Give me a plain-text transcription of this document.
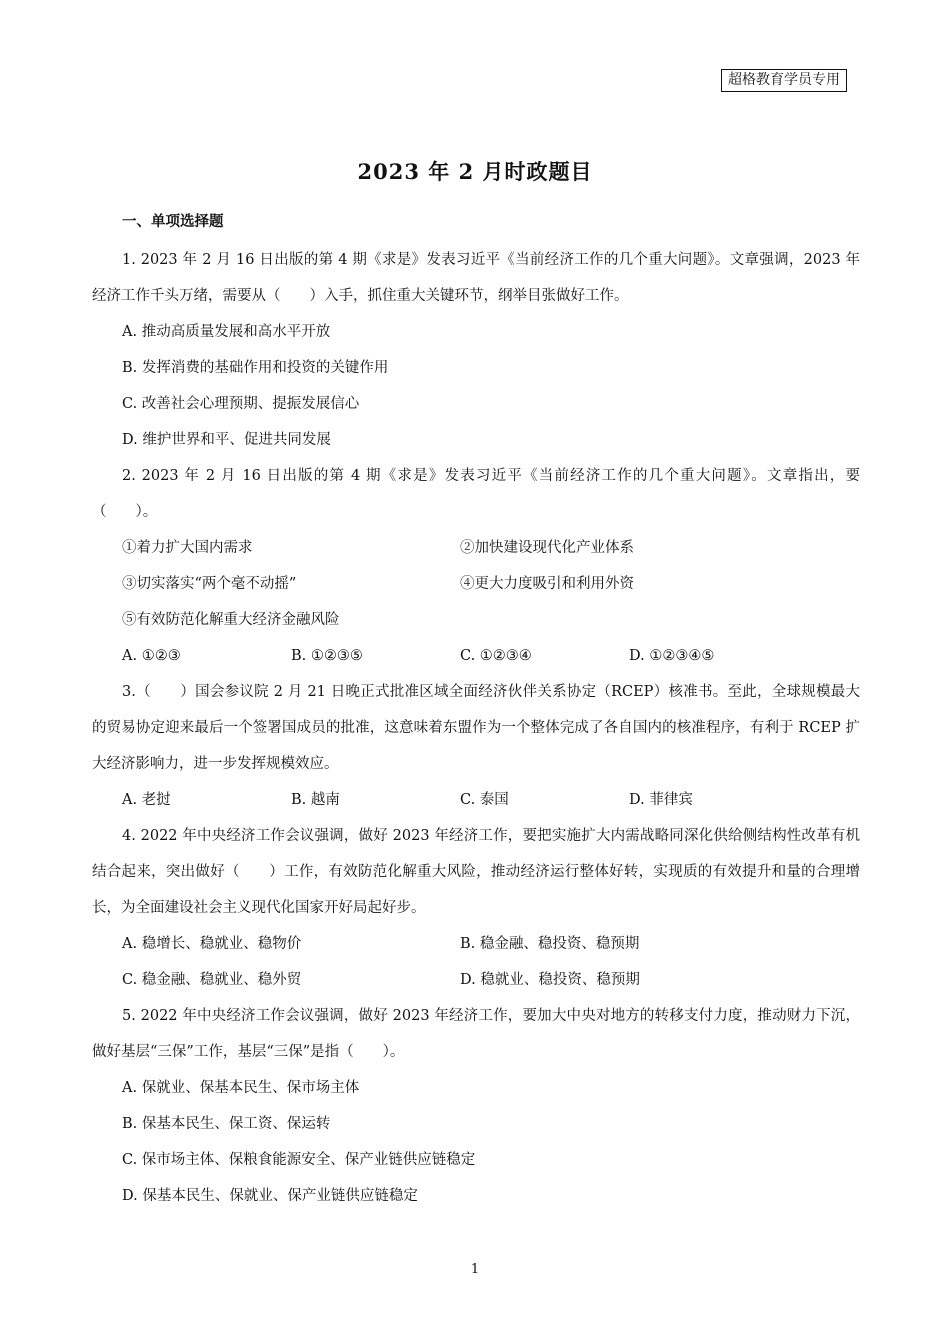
超格教育学员专用
2023 年 2 月时政题目
一、单项选择题

1. 2023 年 2 月 16 日出版的第 4 期《求是》发表习近平《当前经济工作的几个重大问题》。文章强调，2023 年经济工作千头万绪，需要从（　　）入手，抓住重大关键环节，纲举目张做好工作。

A. 推动高质量发展和高水平开放
B. 发挥消费的基础作用和投资的关键作用
C. 改善社会心理预期、提振发展信心
D. 维护世界和平、促进共同发展

2. 2023 年 2 月 16 日出版的第 4 期《求是》发表习近平《当前经济工作的几个重大问题》。文章指出，要（　　）。

①着力扩大国内需求	②加快建设现代化产业体系
③切实落实“两个毫不动摇”	④更大力度吸引和利用外资
⑤有效防范化解重大经济金融风险
A. ①②③	B. ①②③⑤	C. ①②③④	D. ①②③④⑤

3.（　　）国会参议院 2 月 21 日晚正式批准区域全面经济伙伴关系协定（RCEP）核准书。至此，全球规模最大的贸易协定迎来最后一个签署国成员的批准，这意味着东盟作为一个整体完成了各自国内的核准程序，有利于 RCEP 扩大经济影响力，进一步发挥规模效应。

A. 老挝	B. 越南	C. 泰国	D. 菲律宾

4. 2022 年中央经济工作会议强调，做好 2023 年经济工作，要把实施扩大内需战略同深化供给侧结构性改革有机结合起来，突出做好（　　）工作，有效防范化解重大风险，推动经济运行整体好转，实现质的有效提升和量的合理增长，为全面建设社会主义现代化国家开好局起好步。

A. 稳增长、稳就业、稳物价	B. 稳金融、稳投资、稳预期
C. 稳金融、稳就业、稳外贸	D. 稳就业、稳投资、稳预期

5. 2022 年中央经济工作会议强调，做好 2023 年经济工作，要加大中央对地方的转移支付力度，推动财力下沉，做好基层“三保”工作，基层“三保”是指（　　）。

A. 保就业、保基本民生、保市场主体
B. 保基本民生、保工资、保运转
C. 保市场主体、保粮食能源安全、保产业链供应链稳定
D. 保基本民生、保就业、保产业链供应链稳定
1
